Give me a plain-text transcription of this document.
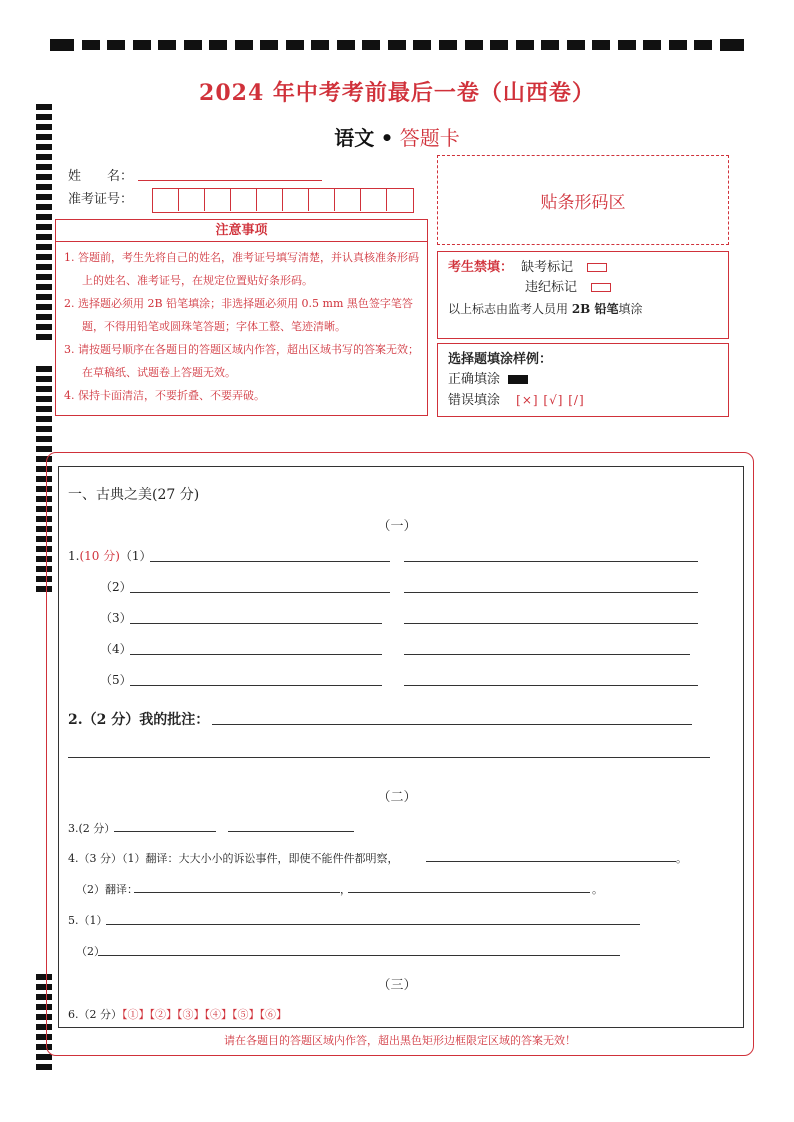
2024 年中考考前最后一卷（山西卷）
语文 • 答题卡
姓　　名：
准考证号：
注意事项
1. 答题前，考生先将自己的姓名，准考证号填写清楚，并认真核准条形码上的姓名、准考证号，在规定位置贴好条形码。
2. 选择题必须用 2B 铅笔填涂；非选择题必须用 0.5 mm 黑色签字笔答题，不得用铅笔或圆珠笔答题；字体工整、笔迹清晰。
3. 请按题号顺序在各题目的答题区域内作答，超出区域书写的答案无效；在草稿纸、试题卷上答题无效。
4. 保持卡面清洁，不要折叠、不要弄破。
贴条形码区
考生禁填： 缺考标记
违纪标记
以上标志由监考人员用 2B 铅笔填涂
选择题填涂样例：
正确填涂
错误填涂 [×] [√] [/]
一、古典之美(27 分)
（一）
1.(10 分)（1）
（2）
（3）
（4）
（5）
2.（2 分）我的批注：
（二）
3.(2 分）
4.（3 分）（1）翻译：大大小小的诉讼事件，即使不能件件都明察，	。
（2）翻译：	，	。
5.（1）
（2）
（三）
6.（2 分）【①】【②】【③】【④】【⑤】【⑥】
请在各题目的答题区域内作答，超出黑色矩形边框限定区域的答案无效！
